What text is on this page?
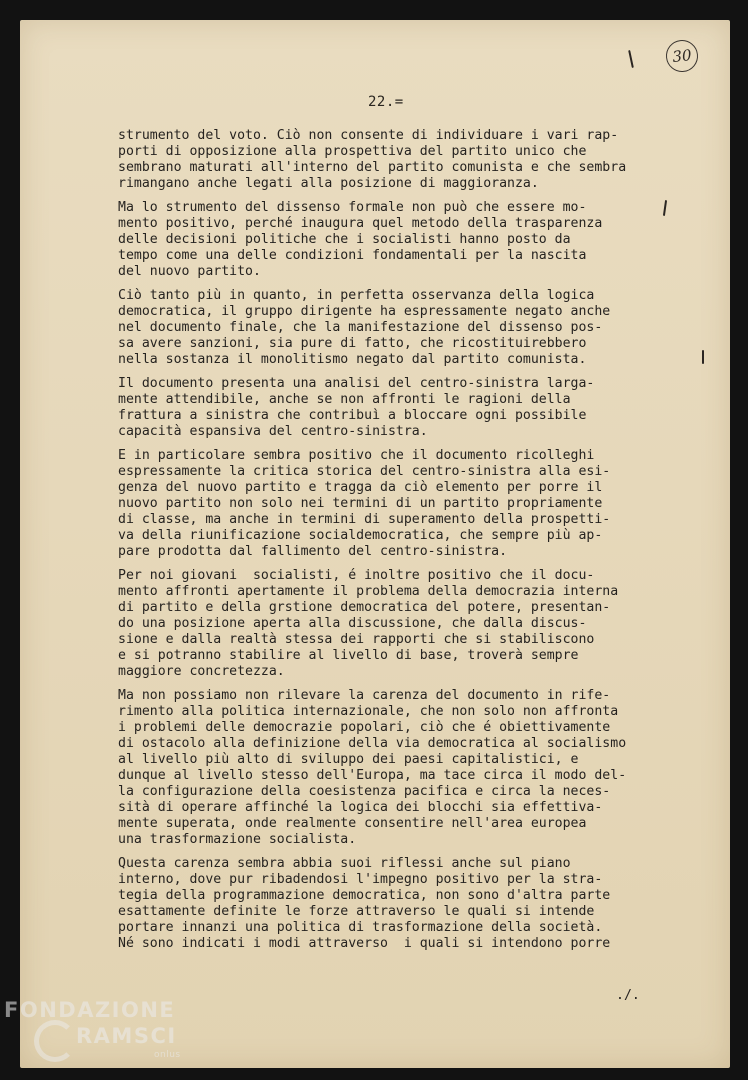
30
22.=
strumento del voto. Ciò non consente di individuare i vari rap-
porti di opposizione alla prospettiva del partito unico che
sembrano maturati all'interno del partito comunista e che sembra
rimangano anche legati alla posizione di maggioranza.
Ma lo strumento del dissenso formale non può che essere mo-
mento positivo, perché inaugura quel metodo della trasparenza
delle decisioni politiche che i socialisti hanno posto da
tempo come una delle condizioni fondamentali per la nascita
del nuovo partito.
Ciò tanto più in quanto, in perfetta osservanza della logica
democratica, il gruppo dirigente ha espressamente negato anche
nel documento finale, che la manifestazione del dissenso pos-
sa avere sanzioni, sia pure di fatto, che ricostituirebbero
nella sostanza il monolitismo negato dal partito comunista.
Il documento presenta una analisi del centro-sinistra larga-
mente attendibile, anche se non affronti le ragioni della
frattura a sinistra che contribuì a bloccare ogni possibile
capacità espansiva del centro-sinistra.
E in particolare sembra positivo che il documento ricolleghi
espressamente la critica storica del centro-sinistra alla esi-
genza del nuovo partito e tragga da ciò elemento per porre il
nuovo partito non solo nei termini di un partito propriamente
di classe, ma anche in termini di superamento della prospetti-
va della riunificazione socialdemocratica, che sempre più ap-
pare prodotta dal fallimento del centro-sinistra.
Per noi giovani  socialisti, é inoltre positivo che il docu-
mento affronti apertamente il problema della democrazia interna
di partito e della grstione democratica del potere, presentan-
do una posizione aperta alla discussione, che dalla discus-
sione e dalla realtà stessa dei rapporti che si stabiliscono
e si potranno stabilire al livello di base, troverà sempre
maggiore concretezza.
Ma non possiamo non rilevare la carenza del documento in rife-
rimento alla politica internazionale, che non solo non affronta
i problemi delle democrazie popolari, ciò che é obiettivamente
di ostacolo alla definizione della via democratica al socialismo
al livello più alto di sviluppo dei paesi capitalistici, e
dunque al livello stesso dell'Europa, ma tace circa il modo del-
la configurazione della coesistenza pacifica e circa la neces-
sità di operare affinché la logica dei blocchi sia effettiva-
mente superata, onde realmente consentire nell'area europea
una trasformazione socialista.
Questa carenza sembra abbia suoi riflessi anche sul piano
interno, dove pur ribadendosi l'impegno positivo per la stra-
tegia della programmazione democratica, non sono d'altra parte
esattamente definite le forze attraverso le quali si intende
portare innanzi una politica di trasformazione della società.
Né sono indicati i modi attraverso  i quali si intendono porre
./.
FONDAZIONE
RAMSCI
onlus
